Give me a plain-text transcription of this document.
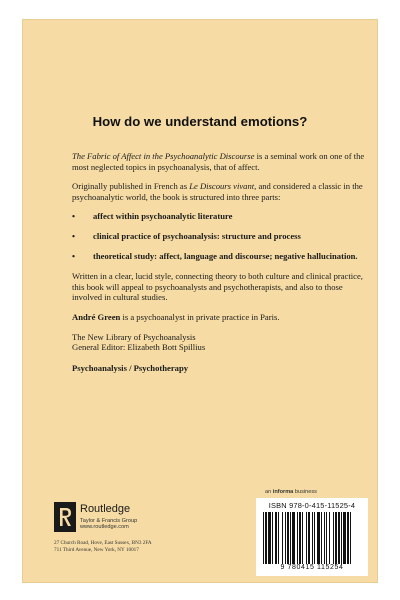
How do we understand emotions?

The Fabric of Affect in the Psychoanalytic Discourse is a seminal work on one of the most neglected topics in psychoanalysis, that of affect.

Originally published in French as Le Discours vivant, and considered a classic in the psychoanalytic world, the book is structured into three parts:

• affect within psychoanalytic literature
• clinical practice of psychoanalysis: structure and process
• theoretical study: affect, language and discourse; negative hallucination.

Written in a clear, lucid style, connecting theory to both culture and clinical practice, this book will appeal to psychoanalysts and psychotherapists, and also to those involved in cultural studies.

André Green is a psychoanalyst in private practice in Paris.

The New Library of Psychoanalysis

General Editor: Elizabeth Bott Spillius

Psychoanalysis / Psychotherapy

an informa business
ISBN 978-0-415-11525-4
9 780415 115254
Routledge
Taylor & Francis Group
www.routledge.com
27 Church Road, Hove, East Sussex, BN3 2FA
711 Third Avenue, New York, NY 10017
